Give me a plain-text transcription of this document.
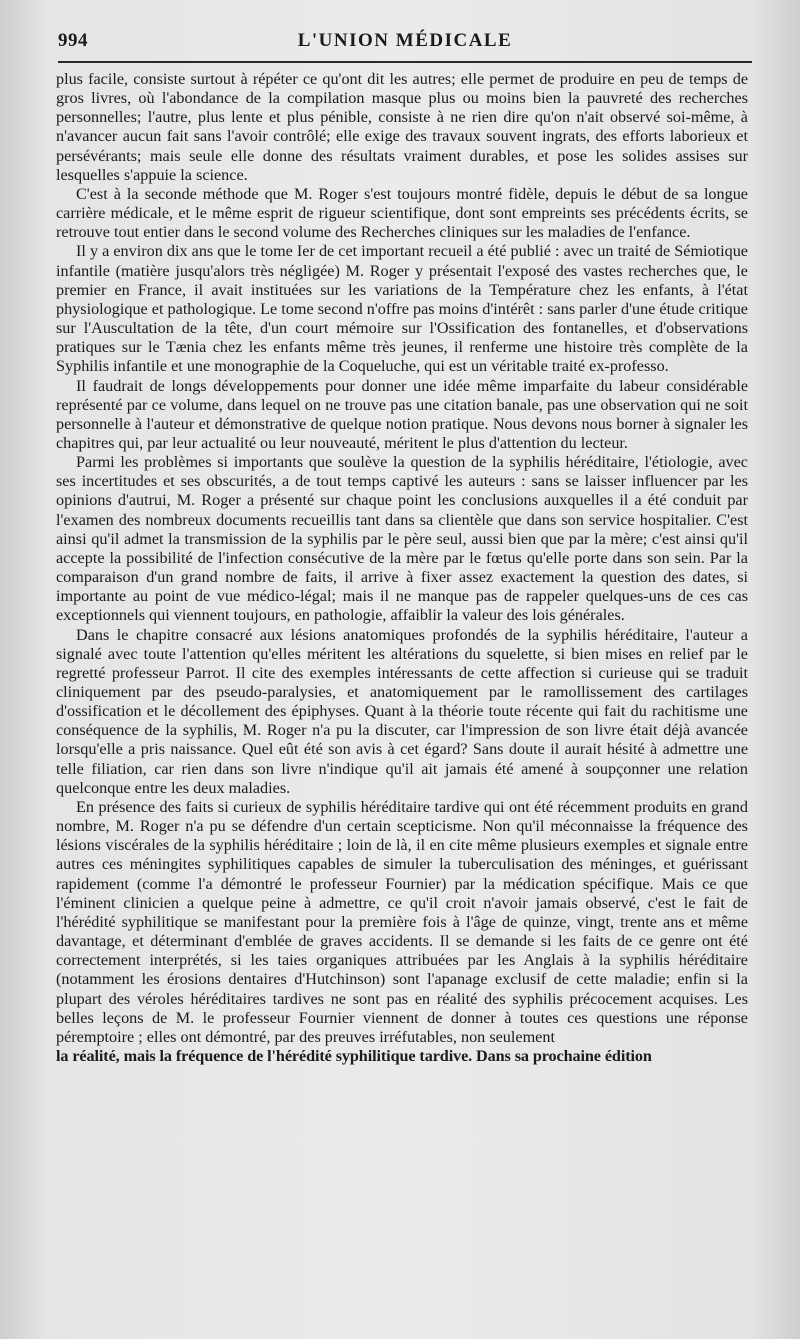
994	L'UNION MÉDICALE

plus facile, consiste surtout à répéter ce qu'ont dit les autres; elle permet de produire en peu de temps de gros livres, où l'abondance de la compilation masque plus ou moins bien la pauvreté des recherches personnelles; l'autre, plus lente et plus pénible, consiste à ne rien dire qu'on n'ait observé soi-même, à n'avancer aucun fait sans l'avoir contrôlé; elle exige des travaux souvent ingrats, des efforts laborieux et persévérants; mais seule elle donne des résultats vraiment durables, et pose les solides assises sur lesquelles s'appuie la science.

C'est à la seconde méthode que M. Roger s'est toujours montré fidèle, depuis le début de sa longue carrière médicale, et le même esprit de rigueur scientifique, dont sont empreints ses précédents écrits, se retrouve tout entier dans le second volume des Recherches cliniques sur les maladies de l'enfance.

Il y a environ dix ans que le tome Ier de cet important recueil a été publié : avec un traité de Sémiotique infantile (matière jusqu'alors très négligée) M. Roger y présentait l'exposé des vastes recherches que, le premier en France, il avait instituées sur les variations de la Température chez les enfants, à l'état physiologique et pathologique. Le tome second n'offre pas moins d'intérêt : sans parler d'une étude critique sur l'Auscultation de la tête, d'un court mémoire sur l'Ossification des fontanelles, et d'observations pratiques sur le Tænia chez les enfants même très jeunes, il renferme une histoire très complète de la Syphilis infantile et une monographie de la Coqueluche, qui est un véritable traité ex-professo.

Il faudrait de longs développements pour donner une idée même imparfaite du labeur considérable représenté par ce volume, dans lequel on ne trouve pas une citation banale, pas une observation qui ne soit personnelle à l'auteur et démonstrative de quelque notion pratique. Nous devons nous borner à signaler les chapitres qui, par leur actualité ou leur nouveauté, méritent le plus d'attention du lecteur.

Parmi les problèmes si importants que soulève la question de la syphilis héréditaire, l'étiologie, avec ses incertitudes et ses obscurités, a de tout temps captivé les auteurs : sans se laisser influencer par les opinions d'autrui, M. Roger a présenté sur chaque point les conclusions auxquelles il a été conduit par l'examen des nombreux documents recueillis tant dans sa clientèle que dans son service hospitalier. C'est ainsi qu'il admet la transmission de la syphilis par le père seul, aussi bien que par la mère; c'est ainsi qu'il accepte la possibilité de l'infection consécutive de la mère par le fœtus qu'elle porte dans son sein. Par la comparaison d'un grand nombre de faits, il arrive à fixer assez exactement la question des dates, si importante au point de vue médico-légal; mais il ne manque pas de rappeler quelques-uns de ces cas exceptionnels qui viennent toujours, en pathologie, affaiblir la valeur des lois générales.

Dans le chapitre consacré aux lésions anatomiques profondés de la syphilis héréditaire, l'auteur a signalé avec toute l'attention qu'elles méritent les altérations du squelette, si bien mises en relief par le regretté professeur Parrot. Il cite des exemples intéressants de cette affection si curieuse qui se traduit cliniquement par des pseudo-paralysies, et anatomiquement par le ramollissement des cartilages d'ossification et le décollement des épiphyses. Quant à la théorie toute récente qui fait du rachitisme une conséquence de la syphilis, M. Roger n'a pu la discuter, car l'impression de son livre était déjà avancée lorsqu'elle a pris naissance. Quel eût été son avis à cet égard? Sans doute il aurait hésité à admettre une telle filiation, car rien dans son livre n'indique qu'il ait jamais été amené à soupçonner une relation quelconque entre les deux maladies.

En présence des faits si curieux de syphilis héréditaire tardive qui ont été récemment produits en grand nombre, M. Roger n'a pu se défendre d'un certain scepticisme. Non qu'il méconnaisse la fréquence des lésions viscérales de la syphilis héréditaire ; loin de là, il en cite même plusieurs exemples et signale entre autres ces méningites syphilitiques capables de simuler la tuberculisation des méninges, et guérissant rapidement (comme l'a démontré le professeur Fournier) par la médication spécifique. Mais ce que l'éminent clinicien a quelque peine à admettre, ce qu'il croit n'avoir jamais observé, c'est le fait de l'hérédité syphilitique se manifestant pour la première fois à l'âge de quinze, vingt, trente ans et même davantage, et déterminant d'emblée de graves accidents. Il se demande si les faits de ce genre ont été correctement interprétés, si les taies organiques attribuées par les Anglais à la syphilis héréditaire (notamment les érosions dentaires d'Hutchinson) sont l'apanage exclusif de cette maladie; enfin si la plupart des véroles héréditaires tardives ne sont pas en réalité des syphilis précocement acquises. Les belles leçons de M. le professeur Fournier viennent de donner à toutes ces questions une réponse péremptoire ; elles ont démontré, par des preuves irréfutables, non seulement

la réalité, mais la fréquence de l'hérédité syphilitique tardive. Dans sa prochaine édition
